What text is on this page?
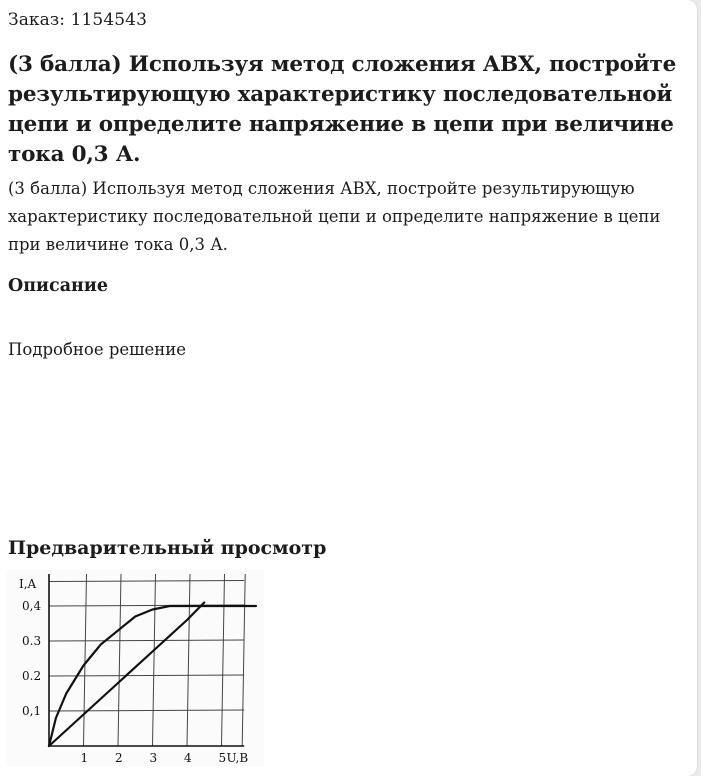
Заказ: 1154543
(3 балла) Используя метод сложения АВХ, постройте результирующую характеристику последовательной цепи и определите напряжение в цепи при величине тока 0,3 А.
(3 балла) Используя метод сложения АВХ, постройте результирующую характеристику последовательной цепи и определите напряжение в цепи при величине тока 0,3 А.
Описание
Подробное решение
Предварительный просмотр
1 2 3 4 5 U,В
0,1
0.2
0.3
0,4
I,A
